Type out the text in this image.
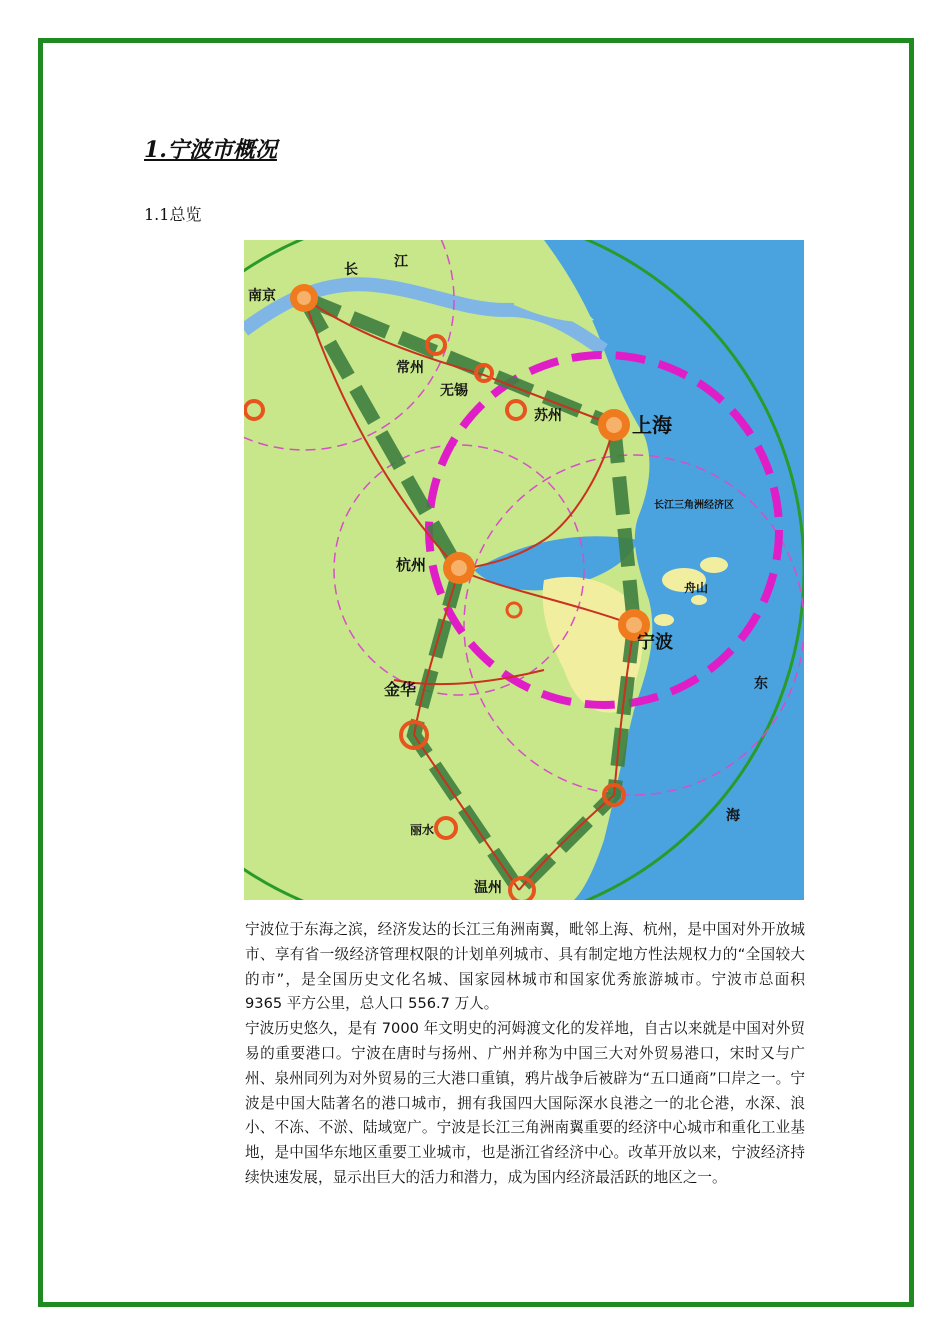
1.宁波市概况
1.1总览
长	江
南京
常州
无锡
苏州	上海
长江三角洲经济区
杭州
舟山
宁波
金华	东
海
丽水
温州

宁波位于东海之滨，经济发达的长江三角洲南翼，毗邻上海、杭州，是中国对外开放城市、享有省一级经济管理权限的计划单列城市、具有制定地方性法规权力的“全国较大的市”，是全国历史文化名城、国家园林城市和国家优秀旅游城市。宁波市总面积 9365 平方公里，总人口 556.7 万人。

宁波历史悠久，是有 7000 年文明史的河姆渡文化的发祥地，自古以来就是中国对外贸易的重要港口。宁波在唐时与扬州、广州并称为中国三大对外贸易港口，宋时又与广州、泉州同列为对外贸易的三大港口重镇，鸦片战争后被辟为“五口通商”口岸之一。宁波是中国大陆著名的港口城市，拥有我国四大国际深水良港之一的北仑港，水深、浪小、不冻、不淤、陆域宽广。宁波是长江三角洲南翼重要的经济中心城市和重化工业基地，是中国华东地区重要工业城市，也是浙江省经济中心。改革开放以来，宁波经济持续快速发展，显示出巨大的活力和潜力，成为国内经济最活跃的地区之一。
